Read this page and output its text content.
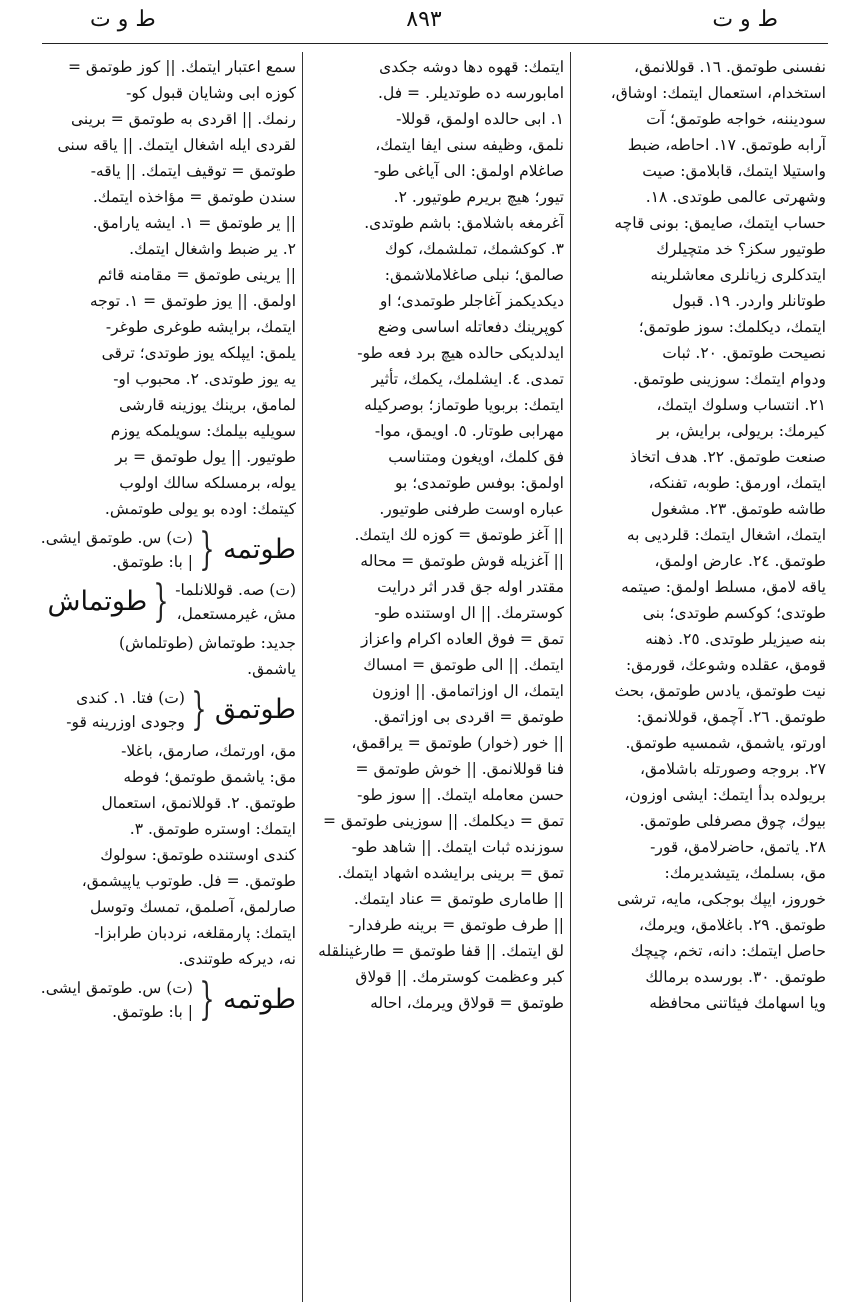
ط و ت
۸۹۳
ط و ت

نفسنی طوتمق. ١٦. قوللانمق،

استخدام، استعمال ایتمك: اوشاق،

سوديننه، خواجه طوتمق؛ آت

آرابه طوتمق. ١٧. احاطه، ضبط

واستیلا ایتمك، قابلامق: صیت

وشهرتی عالمی طوتدی. ١٨.

حساب ایتمك، صایمق: بونی قاچه

طوتیور سکز؟ خد متچیلرك

ایتدکلری زیانلری معاشلرینه

طوتانلر واردر. ١٩. قبول

ایتمك، دیکلمك: سوز طوتمق؛

نصیحت طوتمق. ٢٠. ثبات

ودوام ایتمك: سوزینی طوتمق.

٢١. انتساب وسلوك ایتمك،

کیرمك: بريولی، برایش، بر

صنعت طوتمق. ٢٢. هدف اتخاذ

ایتمك، اورمق: طوبه، تفنکه،

طاشه طوتمق. ٢٣. مشغول

ایتمك، اشغال ایتمك: قلرديی به

طوتمق. ٢٤. عارض اولمق،

یاقه لامق، مسلط اولمق: صیتمه

طوتدی؛ کوکسم طوتدی؛ بنی

بنه صیزیلر طوتدی. ٢٥. ذهنه

قومق، عقلده وشوعك، قورمق:

نیت طوتمق، یادس طوتمق، بحث

طوتمق. ٢٦. آچمق، قوللانمق:

اورتو، یاشمق، شمسیه طوتمق.

٢٧. بروجه وصورتله باشلامق،

بريولده بدأ ایتمك: ایشی اوزون،

بیوك، چوق مصرفلی طوتمق.

٢٨. یاتمق، حاضرلامق، قور-

مق، بسلمك، یتیشدیرمك:

خوروز، ایپك بوجکی، مایه، ترشی

طوتمق. ٢٩. باغلامق، ویرمك،

حاصل ایتمك: دانه، تخم، چیچك

طوتمق. ٣٠. بورسده برمالك

ویا اسهامك فیئاتنی محافظه

ایتمك: قهوه دها دوشه جکدی

امابورسه ده طوتدیلر. = فل.

١. ابی حالده اولمق، قوللا-

نلمق، وظیفه سنی ایفا ایتمك،

صاغلام اولمق: الی آیاغی طو-

تیور؛ هیچ بريرم طوتیور. ٢.

آغرمغه باشلامق: باشم طوتدی.

٣. کوکشمك، تملشمك، کوك

صالمق؛ نبلی صاغلاملاشمق:

دیکدیکمز آغاجلر طوتمدی؛ او

کوپرینك دفعاتله اساسی وضع

ایدلدیکی حالده هیچ برد فعه طو-

تمدی. ٤. ایشلمك، یکمك، تأثیر

ایتمك: بربویا طوتماز؛ بوصرکیله

مهرابی طوتار. ٥. اویمق، موا-

فق کلمك، اویغون ومتناسب

اولمق: بوفس طوتمدی؛ بو

عباره اوست طرفنی طوتیور.

|| آغز طوتمق = کوزه لك ایتمك.

|| آغزیله قوش طوتمق = محاله

مقتدر اوله جق قدر اثر درایت

کوسترمك. || ال اوستنده طو-

تمق = فوق العاده اکرام واعزاز

ایتمك. || الی طوتمق = امساك

ایتمك، ال اوزاتمامق. || اوزون

طوتمق = اقردی بی اوزاتمق.

|| خور (خوار) طوتمق = یراقمق،

فنا قوللانمق. || خوش طوتمق =

حسن معامله ایتمك. || سوز طو-

تمق = دیکلمك. || سوزینی طوتمق =

سوزنده ثبات ایتمك. || شاهد طو-

تمق = برینی برایشده اشهاد ایتمك.

|| طامارى طوتمق = عناد ایتمك.

|| طرف طوتمق = برینه طرفدار-

لق ایتمك. || قفا طوتمق = طارغینلقله

کبر وعظمت کوسترمك. || قولاق

طوتمق = قولاق ویرمك، احاله

سمع اعتبار ایتمك. || کوز طوتمق =

کوزه ابی وشایان قبول کو-

رنمك. || اقردی به طوتمق = برینی

لقردی ایله اشغال ایتمك. || یاقه سنی

طوتمق = توقیف ایتمك. || یاقه-

سندن طوتمق = مؤاخذه ایتمك.

|| یر طوتمق = ١. ایشه یارامق.

٢. یر ضبط واشغال ایتمك.

|| یرینی طوتمق = مقامنه قائم

اولمق. || یوز طوتمق = ١. توجه

ایتمك، برایشه طوغری طوغر-

یلمق: ایپلکه یوز طوتدی؛ ترقی

یه یوز طوتدی. ٢. محبوب او-

لمامق، برینك یوزینه قارشی

سویلیه بیلمك: سویلمکه یوزم

طوتیور. || یول طوتمق = بر

یوله، برمسلکه سالك اولوب

کیتمك: اوده بو یولی طوتمش.

طوتمه
{
(ت) س. طوتمق ایشی.
| با: طوتمق.
(ت) صه. قوللانلما-
مش، غیرمستعمل،
{
طوتماش

جدید: طوتماش (طوتلماش)

یاشمق.

طوتمق
{
(ت) فتا. ١. کندی
وجودی اوزرینه قو-

مق، اورتمك، صارمق، باغلا-

مق: یاشمق طوتمق؛ فوطه

طوتمق. ٢. قوللانمق، استعمال

ایتمك: اوستره طوتمق. ٣.

کندی اوستنده طوتمق: سولوك

طوتمق. = فل. طوتوب یاپیشمق،

صارلمق، آصلمق، تمسك وتوسل

ایتمك: پارمقلغه، نردبان طرابزا-

نه، دیرکه طوتندی.

طوتمه
{
(ت) س. طوتمق ایشی.
| با: طوتمق.
